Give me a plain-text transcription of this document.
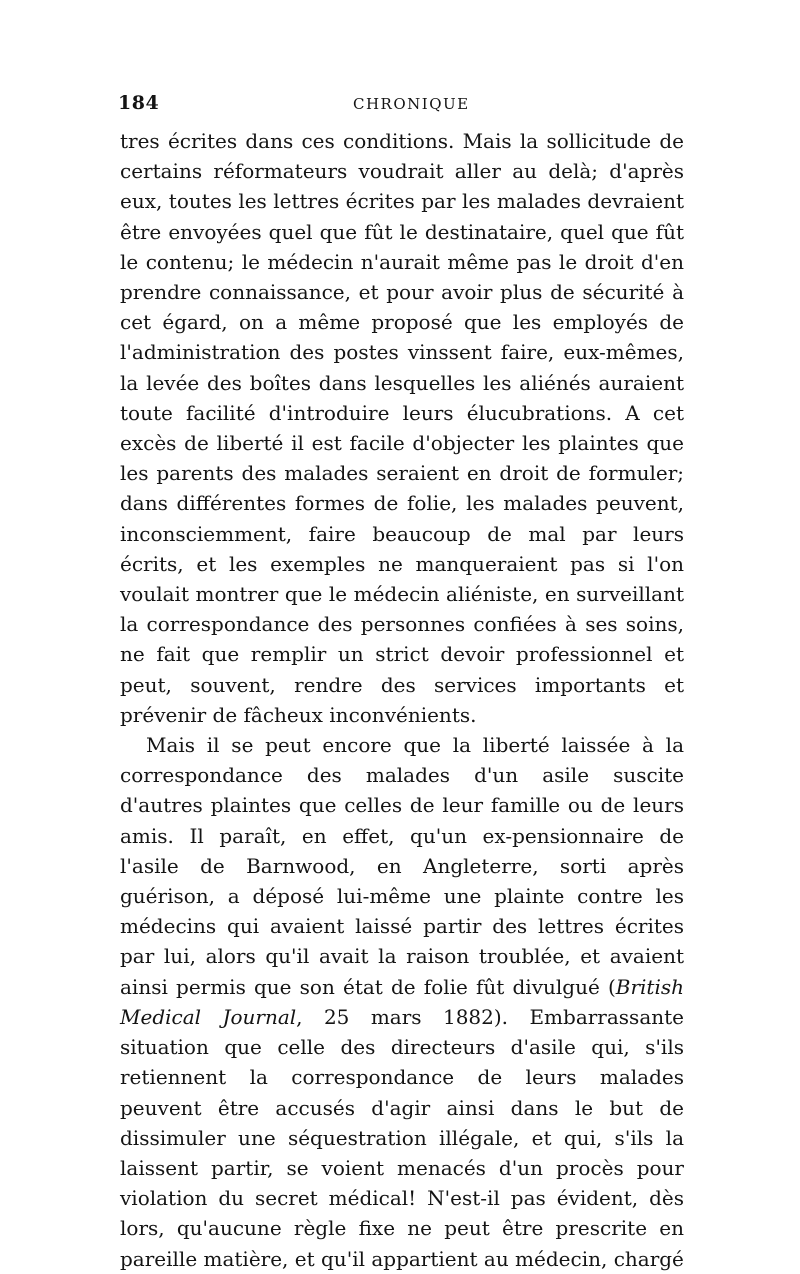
184	CHRONIQUE

tres écrites dans ces conditions. Mais la sollicitude de certains réformateurs voudrait aller au delà; d'après eux, toutes les lettres écrites par les malades devraient être envoyées quel que fût le destinataire, quel que fût le contenu; le médecin n'aurait même pas le droit d'en prendre connaissance, et pour avoir plus de sécurité à cet égard, on a même proposé que les employés de l'administration des postes vinssent faire, eux-mêmes, la levée des boîtes dans lesquelles les aliénés auraient toute facilité d'introduire leurs élucubrations. A cet excès de liberté il est facile d'objecter les plaintes que les parents des malades seraient en droit de formuler; dans différentes formes de folie, les malades peuvent, inconsciemment, faire beaucoup de mal par leurs écrits, et les exemples ne manqueraient pas si l'on voulait montrer que le médecin aliéniste, en surveillant la correspondance des personnes confiées à ses soins, ne fait que remplir un strict devoir professionnel et peut, souvent, rendre des services importants et prévenir de fâcheux inconvénients.

Mais il se peut encore que la liberté laissée à la correspondance des malades d'un asile suscite d'autres plaintes que celles de leur famille ou de leurs amis. Il paraît, en effet, qu'un ex-pensionnaire de l'asile de Barnwood, en Angleterre, sorti après guérison, a déposé lui-même une plainte contre les médecins qui avaient laissé partir des lettres écrites par lui, alors qu'il avait la raison troublée, et avaient ainsi permis que son état de folie fût divulgué (British Medical Journal, 25 mars 1882). Embarrassante situation que celle des directeurs d'asile qui, s'ils retiennent la correspondance de leurs malades peuvent être accusés d'agir ainsi dans le but de dissimuler une séquestration illégale, et qui, s'ils la laissent partir, se voient menacés d'un procès pour violation du secret médical! N'est-il pas évident, dès lors, qu'aucune règle fixe ne peut être prescrite en pareille matière, et qu'il appartient au médecin, chargé
